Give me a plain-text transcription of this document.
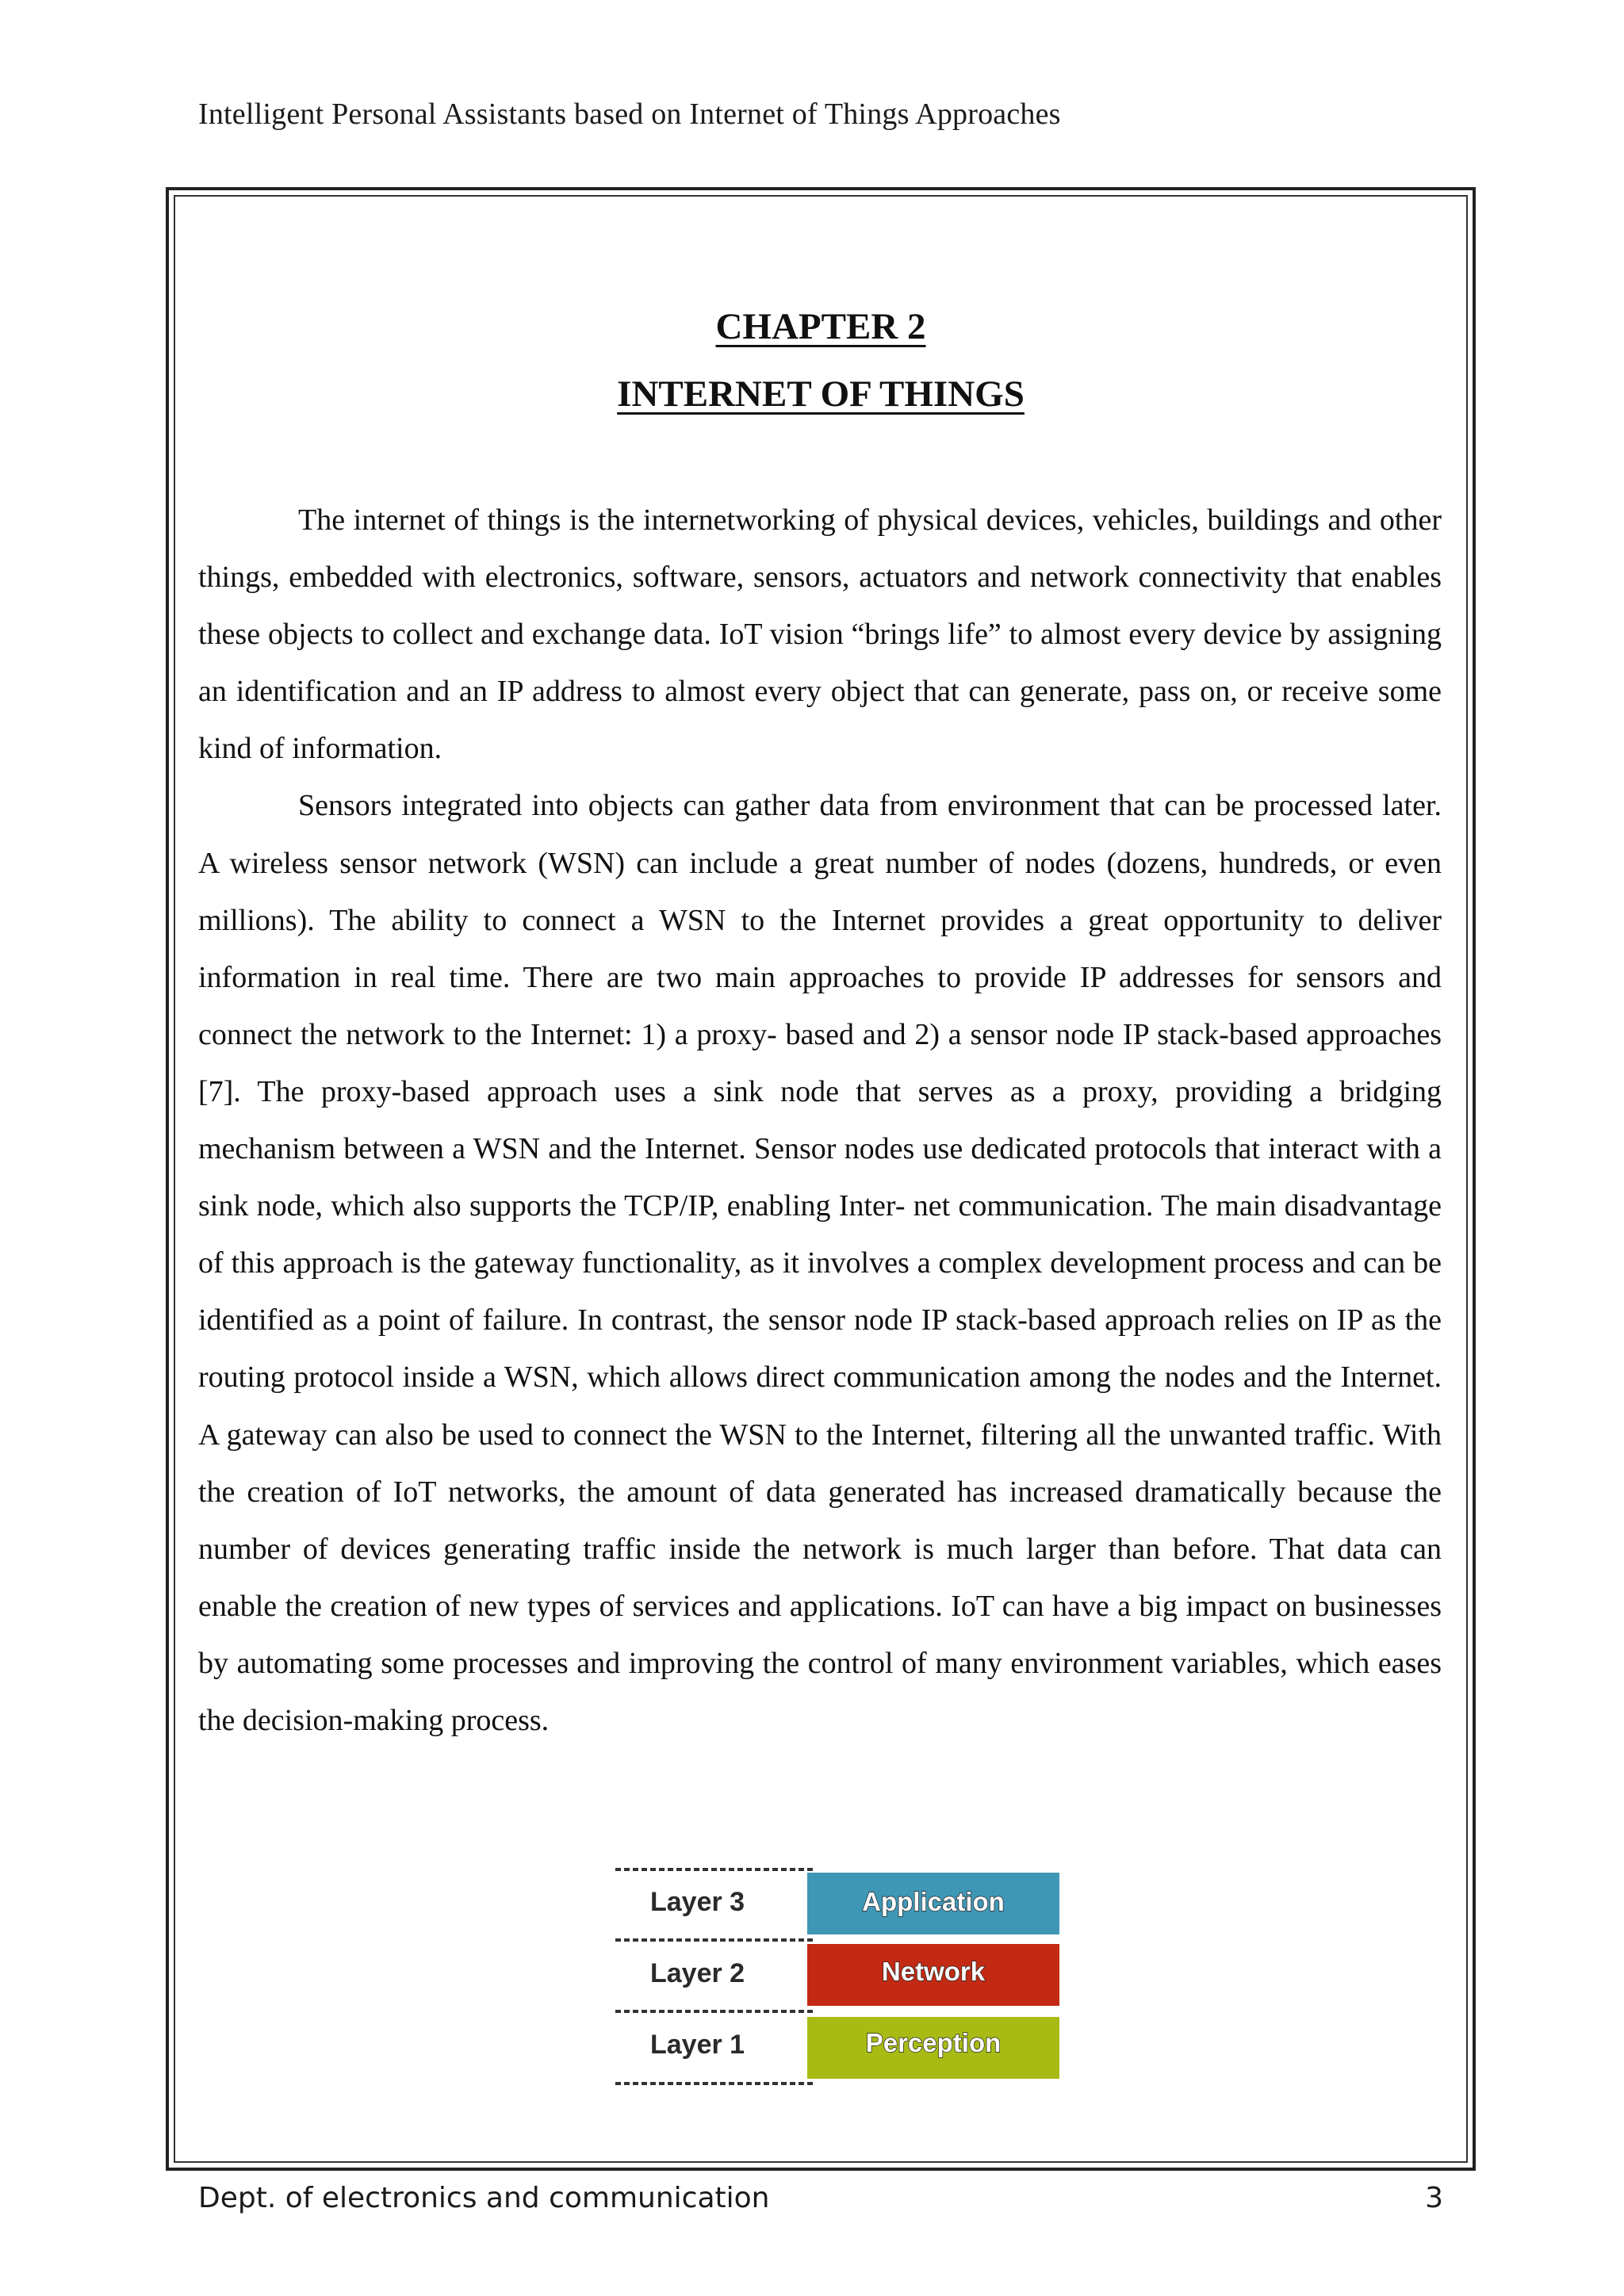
Intelligent Personal Assistants based on Internet of Things Approaches
CHAPTER 2
INTERNET OF THINGS

The internet of things is the internetworking of physical devices, vehicles, buildings and other things, embedded with electronics, software, sensors, actuators and network connectivity that enables these objects to collect and exchange data. IoT vision “brings life” to almost every device by assigning an identification and an IP address to almost every object that can generate, pass on, or receive some kind of information.

Sensors integrated into objects can gather data from environment that can be processed later. A wireless sensor network (WSN) can include a great number of nodes (dozens, hundreds, or even millions). The ability to connect a WSN to the Internet provides a great opportunity to deliver information in real time. There are two main approaches to provide IP addresses for sensors and connect the network to the Internet: 1) a proxy- based and 2) a sensor node IP stack-based approaches [7]. The proxy-based approach uses a sink node that serves as a proxy, providing a bridging mechanism between a WSN and the Internet. Sensor nodes use dedicated protocols that interact with a sink node, which also supports the TCP/IP, enabling Inter- net communication. The main disadvantage of this approach is the gateway functionality, as it involves a complex development process and can be identified as a point of failure. In contrast, the sensor node IP stack-based approach relies on IP as the routing protocol inside a WSN, which allows direct communication among the nodes and the Internet. A gateway can also be used to connect the WSN to the Internet, filtering all the unwanted traffic. With the creation of IoT networks, the amount of data generated has increased dramatically because the number of devices generating traffic inside the network is much larger than before. That data can enable the creation of new types of services and applications. IoT can have a big impact on businesses by automating some processes and improving the control of many environment variables, which eases the decision-making process.

Layer 3	Application
Layer 2	Network
Layer 1	Perception
Dept. of electronics and communication	3
